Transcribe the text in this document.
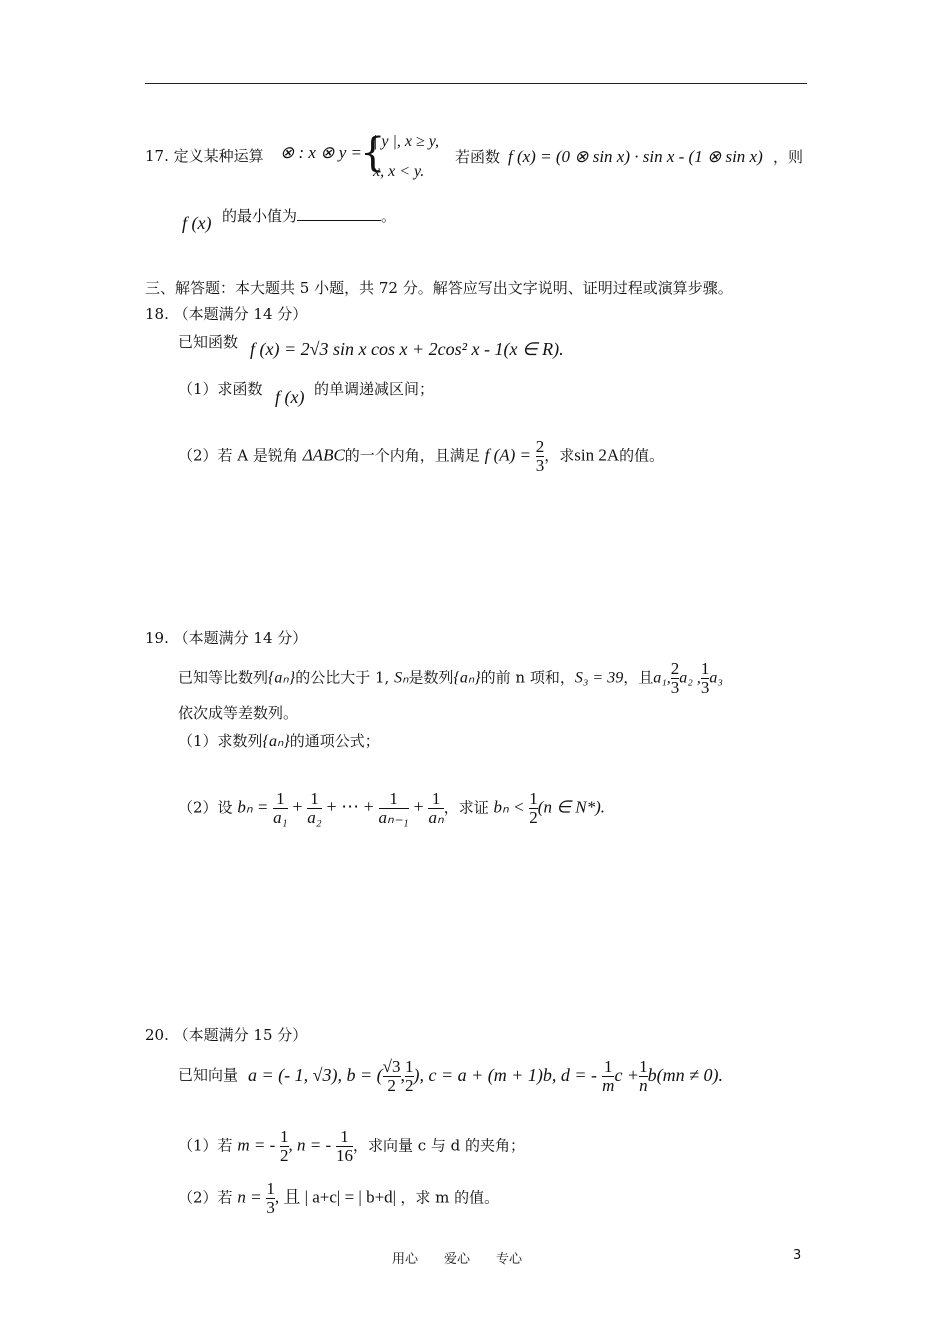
17. 定义某种运算 ⊗ : x ⊗ y =
{
| y |, x ≥ y,
x, x < y.
若函数 f (x) = (0 ⊗ sin x) · sin x - (1 ⊗ sin x) ，则
f (x) 的最小值为	。
三、解答题：本大题共 5 小题，共 72 分。解答应写出文字说明、证明过程或演算步骤。
18. （本题满分 14 分）
已知函数 f (x) = 2√3 sin x cos x + 2cos² x - 1(x ∈ R).
（1）求函数 f (x) 的单调递减区间；
（2）若 A 是锐角 ΔABC的一个内角，且满足 f $(A) = \frac{2}{3}$ ，求sin 2A的值。
19. （本题满分 14 分）
已知等比数列{aₙ}的公比大于 1, Sₙ是数列{aₙ}的前 n 项和，S₃ = 39，且a₁, $\frac{2}{3} a_2$ , $\frac{1}{3} a_3$
依次成等差数列。
（1）求数列{aₙ}的通项公式；
（2）设 $b_n = \frac{1}{\text{a₁}} + \frac{1}{\text{a₂}}$ + ⋯ + $\frac{1}{\text{aₙ₋₁}} + \frac{1}{\text{aₙ}}$ ，求证 $b_n < \frac{1}{2} (n$ ∈ N*).
20. （本题满分 15 分）
已知向量 a = (- 1, √3), b = ( $\frac{√3}{2}$ , $\frac{1}{2}$ ), c = a + (m + 1)b, d = - $\frac{1}{m}$ $c + \frac{1}{n} b(mn \ne 0)$.
（1）若 m = - $\frac{1}{2}$ , n = - $\frac{1}{16}$ ，求向量 c 与 d 的夹角；
（2）若 $n = \frac{1}{3}$ , 且 | a+c| = | b+d| ，求 m 的值。
用心　　爱心　　专心	3
